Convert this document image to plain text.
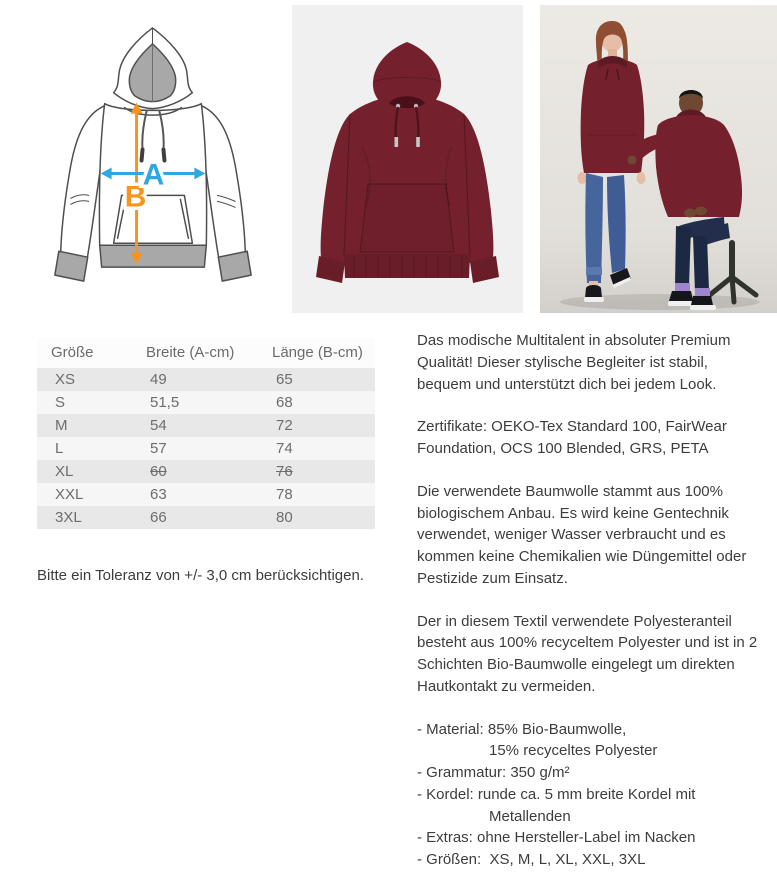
B
A
Größe	Breite (A-cm)	Länge (B-cm)
XS	49	65
S	51,5	68
M	54	72
L	57	74
XL	60	76
XXL	63	78
3XL	66	80
Bitte ein Toleranz von +/- 3,0 cm berücksichtigen.

Das modische Multitalent in absoluter Premium Qualität! Dieser stylische Begleiter ist stabil, bequem und unterstützt dich bei jedem Look.

Zertifikate: OEKO-Tex Standard 100, FairWear Foundation, OCS 100 Blended, GRS, PETA

Die verwendete Baumwolle stammt aus 100% biologischem Anbau. Es wird keine Gentechnik verwendet, weniger Wasser verbraucht und es kommen keine Chemikalien wie Düngemittel oder Pestizide zum Einsatz.

Der in diesem Textil verwendete Polyesteranteil besteht aus 100% recyceltem Polyester und ist in 2 Schichten Bio-Baumwolle eingelegt um direkten Hautkontakt zu vermeiden.

- Material: 85% Bio-Baumwolle,
15% recyceltes Polyester
- Grammatur: 350 g/m²
- Kordel: runde ca. 5 mm breite Kordel mit
Metallenden
- Extras: ohne Hersteller-Label im Nacken
- Größen:  XS, M, L, XL, XXL, 3XL
